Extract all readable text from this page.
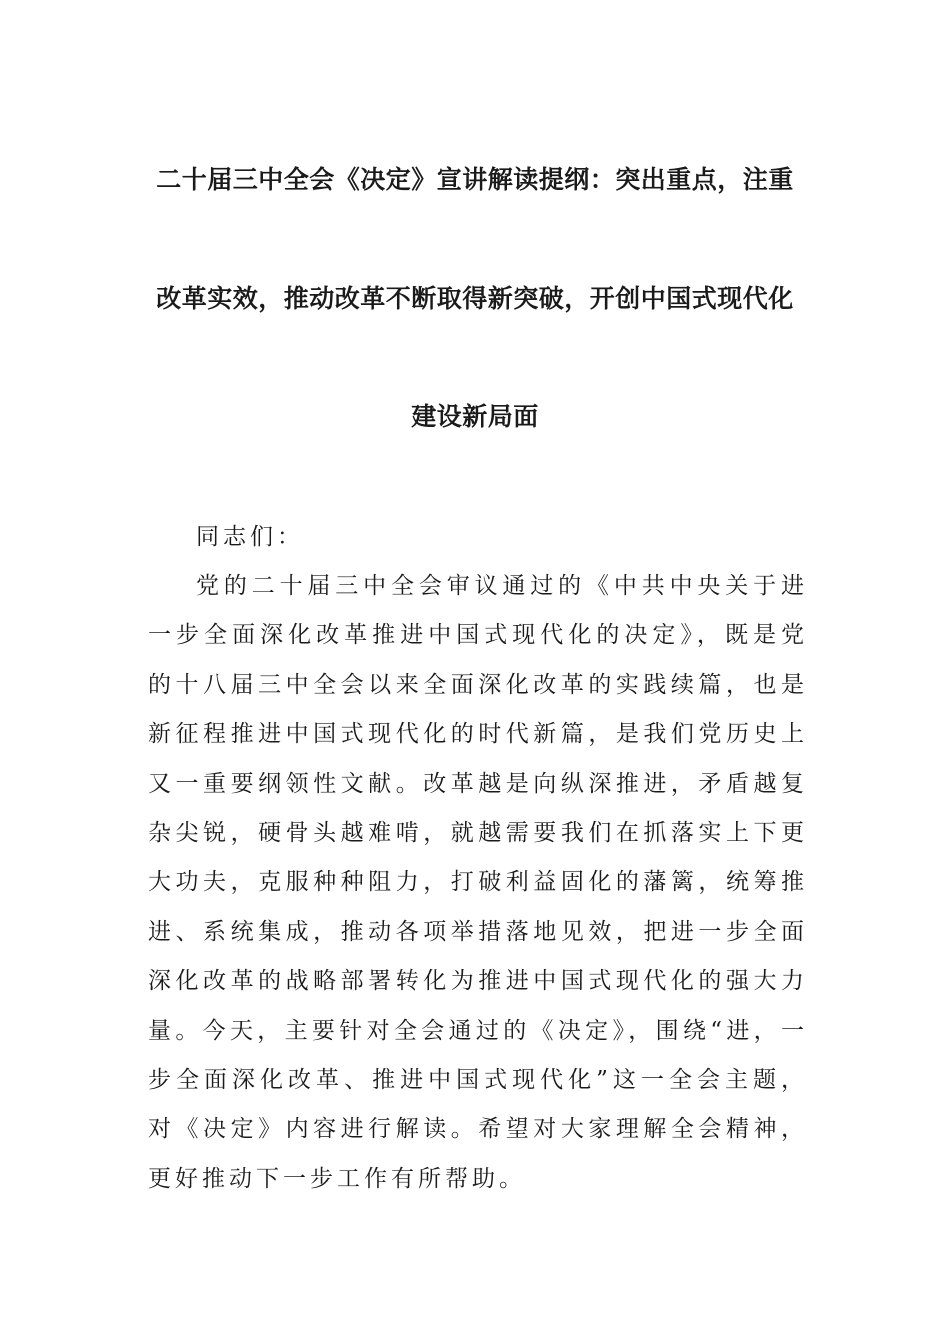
二十届三中全会《决定》宣讲解读提纲：突出重点，注重
改革实效，推动改革不断取得新突破，开创中国式现代化
建设新局面
同志们：
党的二十届三中全会审议通过的《中共中央关于进一步全面深化改革推进中国式现代化的决定》，既是党的十八届三中全会以来全面深化改革的实践续篇，也是新征程推进中国式现代化的时代新篇，是我们党历史上又一重要纲领性文献。改革越是向纵深推进，矛盾越复杂尖锐，硬骨头越难啃，就越需要我们在抓落实上下更大功夫，克服种种阻力，打破利益固化的藩篱，统筹推进、系统集成，推动各项举措落地见效，把进一步全面深化改革的战略部署转化为推进中国式现代化的强大力量。今天，主要针对全会通过的《决定》，围绕“进，一步全面深化改革、推进中国式现代化”这一全会主题，对《决定》内容进行解读。希望对大家理解全会精神，更好推动下一步工作有所帮助。
